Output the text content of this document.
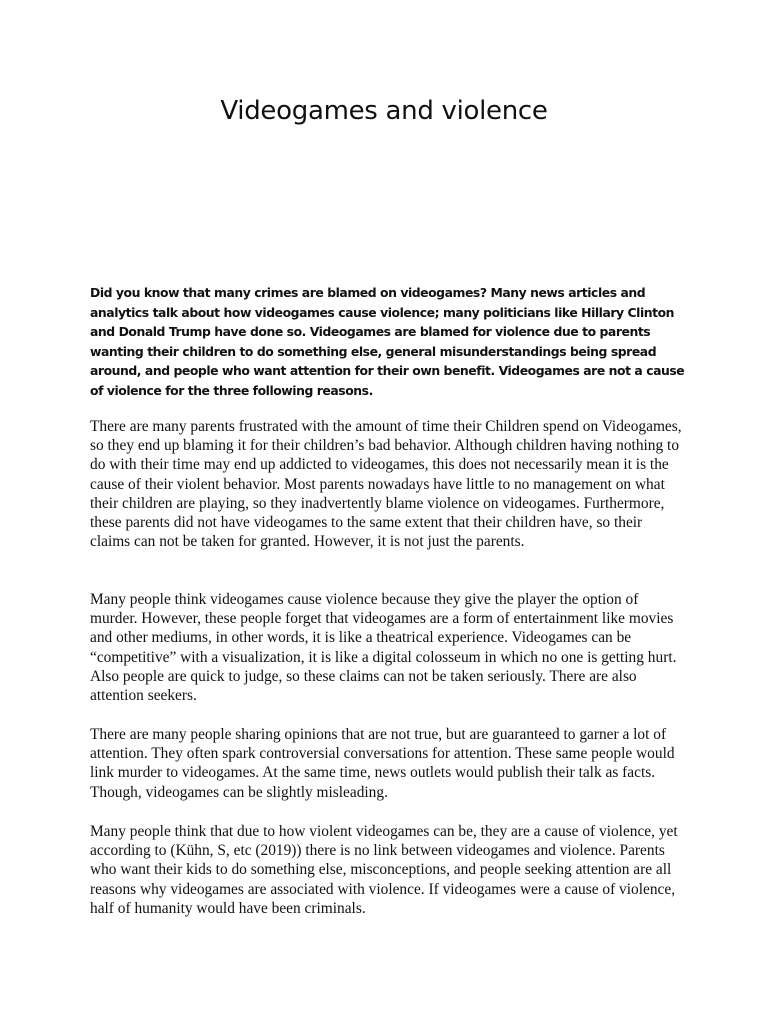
Videogames and violence

Did you know that many crimes are blamed on videogames? Many news articles and analytics talk about how videogames cause violence; many politicians like Hillary Clinton and Donald Trump have done so. Videogames are blamed for violence due to parents wanting their children to do something else, general misunderstandings being spread around, and people who want attention for their own benefit. Videogames are not a cause of violence for the three following reasons.

There are many parents frustrated with the amount of time their Children spend on Videogames, so they end up blaming it for their children’s bad behavior. Although children having nothing to do with their time may end up addicted to videogames, this does not necessarily mean it is the cause of their violent behavior. Most parents nowadays have little to no management on what their children are playing, so they inadvertently blame violence on videogames. Furthermore, these parents did not have videogames to the same extent that their children have, so their claims can not be taken for granted. However, it is not just the parents.

Many people think videogames cause violence because they give the player the option of murder. However, these people forget that videogames are a form of entertainment like movies and other mediums, in other words, it is like a theatrical experience. Videogames can be “competitive” with a visualization, it is like a digital colosseum in which no one is getting hurt. Also people are quick to judge, so these claims can not be taken seriously. There are also attention seekers.

There are many people sharing opinions that are not true, but are guaranteed to garner a lot of attention. They often spark controversial conversations for attention. These same people would link murder to videogames. At the same time, news outlets would publish their talk as facts. Though, videogames can be slightly misleading.

Many people think that due to how violent videogames can be, they are a cause of violence, yet according to (Kühn, S, etc (2019)) there is no link between videogames and violence. Parents who want their kids to do something else, misconceptions, and people seeking attention are all reasons why videogames are associated with violence. If videogames were a cause of violence, half of humanity would have been criminals.
